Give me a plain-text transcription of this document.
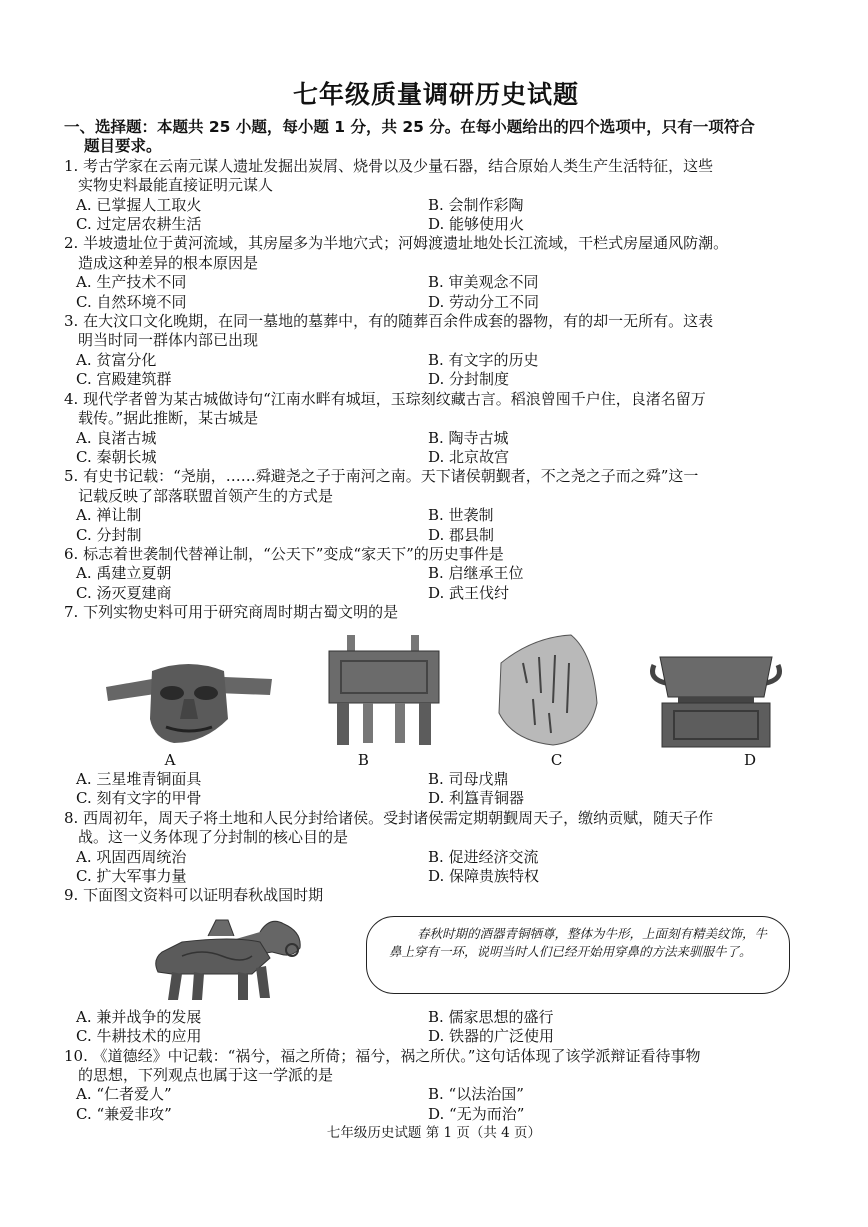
七年级质量调研历史试题
一、选择题：本题共 25 小题，每小题 1 分，共 25 分。在每小题给出的四个选项中，只有一项符合
题目要求。
1. 考古学家在云南元谋人遗址发掘出炭屑、烧骨以及少量石器，结合原始人类生产生活特征，这些
实物史料最能直接证明元谋人
A. 已掌握人工取火	B. 会制作彩陶
C. 过定居农耕生活	D. 能够使用火
2. 半坡遗址位于黄河流域，其房屋多为半地穴式；河姆渡遗址地处长江流域，干栏式房屋通风防潮。
造成这种差异的根本原因是
A. 生产技术不同	B. 审美观念不同
C. 自然环境不同	D. 劳动分工不同
3. 在大汶口文化晚期，在同一墓地的墓葬中，有的随葬百余件成套的器物，有的却一无所有。这表
明当时同一群体内部已出现
A. 贫富分化	B. 有文字的历史
C. 宫殿建筑群	D. 分封制度
4. 现代学者曾为某古城做诗句“江南水畔有城垣，玉琮刻纹藏古言。稻浪曾囤千户住，良渚名留万
载传。”据此推断，某古城是
A. 良渚古城	B. 陶寺古城
C. 秦朝长城	D. 北京故宫
5. 有史书记载：“尧崩，……舜避尧之子于南河之南。天下诸侯朝觐者，不之尧之子而之舜”这一
记载反映了部落联盟首领产生的方式是
A. 禅让制	B. 世袭制
C. 分封制	D. 郡县制
6. 标志着世袭制代替禅让制，“公天下”变成“家天下”的历史事件是
A. 禹建立夏朝	B. 启继承王位
C. 汤灭夏建商	D. 武王伐纣
7. 下列实物史料可用于研究商周时期古蜀文明的是
A	B	C	D
A. 三星堆青铜面具	B. 司母戊鼎
C. 刻有文字的甲骨	D. 利簋青铜器
8. 西周初年，周天子将土地和人民分封给诸侯。受封诸侯需定期朝觐周天子，缴纳贡赋，随天子作
战。这一义务体现了分封制的核心目的是
A. 巩固西周统治	B. 促进经济交流
C. 扩大军事力量	D. 保障贵族特权
9. 下面图文资料可以证明春秋战国时期
春秋时期的酒器青铜牺尊，整体为牛形，上面刻有精美纹饰，牛鼻上穿有一环，说明当时人们已经开始用穿鼻的方法来驯服牛了。
A. 兼并战争的发展	B. 儒家思想的盛行
C. 牛耕技术的应用	D. 铁器的广泛使用
10. 《道德经》中记载：“祸兮，福之所倚；福兮，祸之所伏。”这句话体现了该学派辩证看待事物
的思想，下列观点也属于这一学派的是
A. “仁者爱人”	B. “以法治国”
C. “兼爱非攻”	D. “无为而治”
七年级历史试题 第 1 页（共 4 页）
